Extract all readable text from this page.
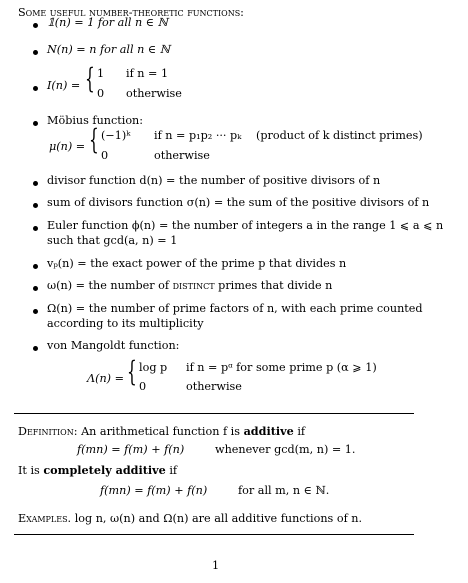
Some useful number-theoretic functions:
𝟙(n) = 1 for all n ∈ ℕ
N(n) = n for all n ∈ ℕ
I(n) = { 1 if n = 1
0 otherwise
Möbius function:
μ(n) = { (−1)ᵏ if n = p₁p₂ ··· pₖ (product of k distinct primes)
0	otherwise
divisor function d(n) = the number of positive divisors of n
sum of divisors function σ(n) = the sum of the positive divisors of n
Euler function ϕ(n) = the number of integers a in the range 1 ⩽ a ⩽ n
such that gcd(a, n) = 1
vₚ(n) = the exact power of the prime p that divides n
ω(n) = the number of distinct primes that divide n
Ω(n) = the number of prime factors of n, with each prime counted
according to its multiplicity
von Mangoldt function:
Λ(n) = { log p if n = pᵅ for some prime p (α ⩾ 1)
0	otherwise
Definition: An arithmetical function f is additive if
f(mn) = f(m) + f(n)	whenever gcd(m, n) = 1.
It is completely additive if
f(mn) = f(m) + f(n)	for all m, n ∈ ℕ.
Examples. log n, ω(n) and Ω(n) are all additive functions of n.
1
